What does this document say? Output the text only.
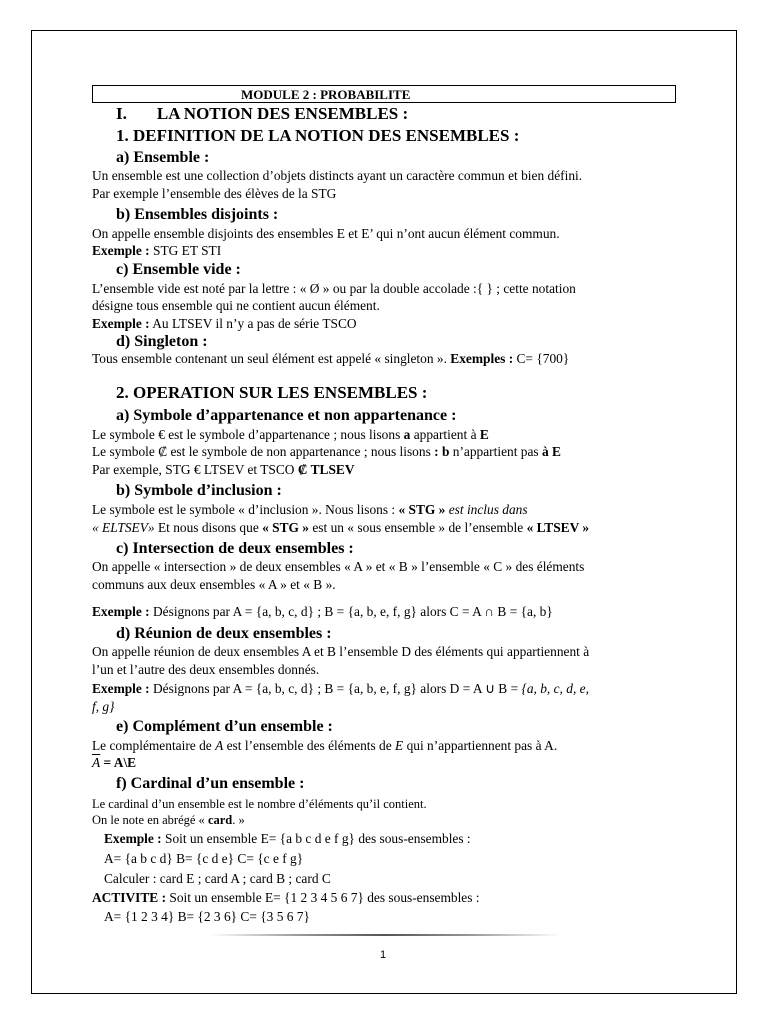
MODULE 2 : PROBABILITE
I. LA NOTION DES ENSEMBLES :
1. DEFINITION DE LA NOTION DES ENSEMBLES :
a) Ensemble :
Un ensemble est une collection d’objets distincts ayant un caractère commun et bien défini.
Par exemple l’ensemble des élèves de la STG
b) Ensembles disjoints :
On appelle ensemble disjoints des ensembles E et E’ qui n’ont aucun élément commun.
Exemple : STG ET STI
c) Ensemble vide :
L’ensemble vide est noté par la lettre : « Ø » ou par la double accolade :{ } ; cette notation
désigne tous ensemble qui ne contient aucun élément.
Exemple : Au LTSEV il n’y a pas de série TSCO
d) Singleton :
Tous ensemble contenant un seul élément est appelé « singleton ». Exemples : C= {700}
2. OPERATION SUR LES ENSEMBLES :
a) Symbole d’appartenance et non appartenance :
Le symbole € est le symbole d’appartenance ; nous lisons a appartient à E
Le symbole ₡ est le symbole de non appartenance ; nous lisons : b n’appartient pas à E
Par exemple, STG € LTSEV et TSCO ₡ TLSEV
b) Symbole d’inclusion :
Le symbole est le symbole « d’inclusion ». Nous lisons : « STG » est inclus dans
« ELTSEV» Et nous disons que « STG » est un « sous ensemble » de l’ensemble « LTSEV »
c) Intersection de deux ensembles :
On appelle « intersection » de deux ensembles « A » et « B » l’ensemble « C » des éléments
communs aux deux ensembles « A » et « B ».
Exemple : Désignons par A = {a, b, c, d} ; B = {a, b, e, f, g} alors C = A ∩ B = {a, b}
d) Réunion de deux ensembles :
On appelle réunion de deux ensembles A et B l’ensemble D des éléments qui appartiennent à
l’un et l’autre des deux ensembles donnés.
Exemple : Désignons par A = {a, b, c, d} ; B = {a, b, e, f, g} alors D = A ∪ B = {a, b, c, d, e,
f, g}
e) Complément d’un ensemble :
Le complémentaire de A est l’ensemble des éléments de E qui n’appartiennent pas à A.
$\overline{A}$ = A\E
f) Cardinal d’un ensemble :
Le cardinal d’un ensemble est le nombre d’éléments qu’il contient.
On le note en abrégé « card. »
Exemple : Soit un ensemble E= {a b c d e f g} des sous-ensembles :
A= {a b c d} B= {c d e} C= {c e f g}
Calculer : card E ; card A ; card B ; card C
ACTIVITE : Soit un ensemble E= {1 2 3 4 5 6 7} des sous-ensembles :
A= {1 2 3 4} B= {2 3 6} C= {3 5 6 7}
1
